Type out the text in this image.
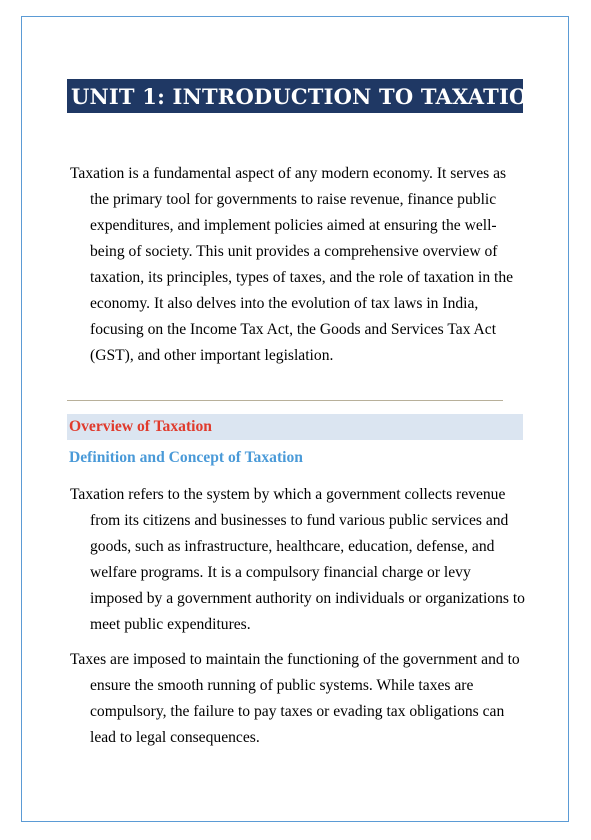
UNIT 1: INTRODUCTION TO TAXATION

Taxation is a fundamental aspect of any modern economy. It serves as the primary tool for governments to raise revenue, finance public expenditures, and implement policies aimed at ensuring the well-being of society. This unit provides a comprehensive overview of taxation, its principles, types of taxes, and the role of taxation in the economy. It also delves into the evolution of tax laws in India, focusing on the Income Tax Act, the Goods and Services Tax Act (GST), and other important legislation.

Overview of Taxation

Definition and Concept of Taxation

Taxation refers to the system by which a government collects revenue from its citizens and businesses to fund various public services and goods, such as infrastructure, healthcare, education, defense, and welfare programs. It is a compulsory financial charge or levy imposed by a government authority on individuals or organizations to meet public expenditures.

Taxes are imposed to maintain the functioning of the government and to ensure the smooth running of public systems. While taxes are compulsory, the failure to pay taxes or evading tax obligations can lead to legal consequences.
